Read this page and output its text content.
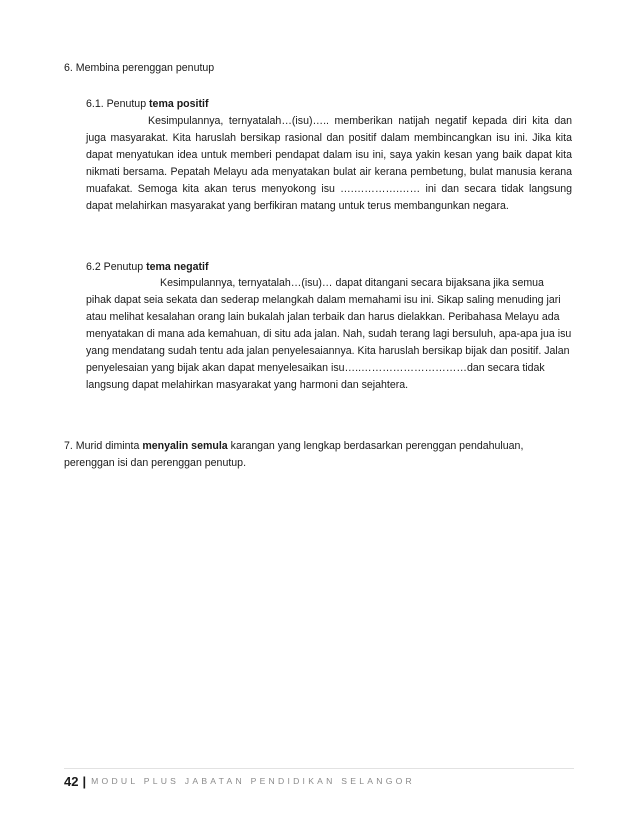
6. Membina perenggan penutup

6.1. Penutup tema positif

Kesimpulannya, ternyatalah…(isu)….. memberikan natijah negatif kepada diri kita dan juga masyarakat. Kita haruslah bersikap rasional dan positif dalam membincangkan isu ini. Jika kita dapat menyatukan idea untuk memberi pendapat dalam isu ini, saya yakin kesan yang baik dapat kita nikmati bersama. Pepatah Melayu ada menyatakan bulat air kerana pembetung, bulat manusia kerana muafakat. Semoga kita akan terus menyokong isu ….………….…… ini dan secara tidak langsung dapat melahirkan masyarakat yang berfikiran matang untuk terus membangunkan negara.

6.2 Penutup tema negatif

Kesimpulannya, ternyatalah…(isu)… dapat ditangani secara bijaksana jika semua pihak dapat seia sekata dan sederap melangkah dalam memahami isu ini. Sikap saling menuding jari atau melihat kesalahan orang lain bukalah jalan terbaik dan harus dielakkan. Peribahasa Melayu ada menyatakan di mana ada kemahuan, di situ ada jalan. Nah, sudah terang lagi bersuluh, apa-apa jua isu yang mendatang sudah tentu ada jalan penyelesaiannya. Kita haruslah bersikap bijak dan positif. Jalan penyelesaian yang bijak akan dapat menyelesaikan isu…..…………………………dan secara tidak langsung dapat melahirkan masyarakat yang harmoni dan sejahtera.

7. Murid diminta menyalin semula karangan yang lengkap berdasarkan perenggan pendahuluan, perenggan isi dan perenggan penutup.

42 | MODUL PLUS JABATAN PENDIDIKAN SELANGOR
